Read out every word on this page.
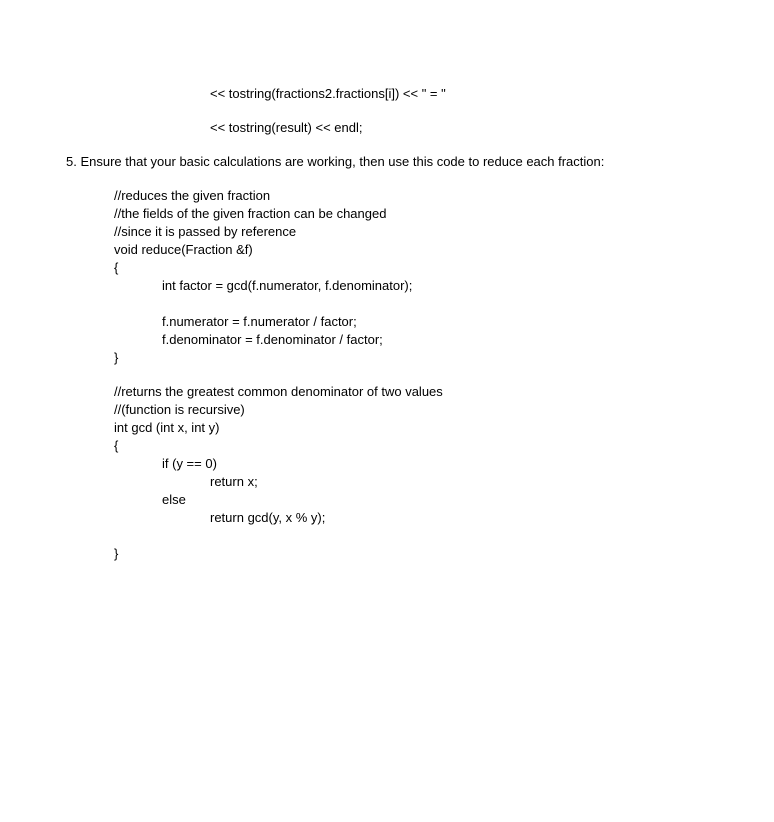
<< tostring(fractions2.fractions[i]) << " = "
<< tostring(result) << endl;
5. Ensure that your basic calculations are working, then use this code to reduce each fraction:
//reduces the given fraction
//the fields of the given fraction can be changed
//since it is passed by reference
void reduce(Fraction &f)
{
int factor = gcd(f.numerator, f.denominator);
f.numerator = f.numerator / factor;
f.denominator = f.denominator / factor;
}
//returns the greatest common denominator of two values
//(function is recursive)
int gcd (int x, int y)
{
if (y == 0)
return x;
else
return gcd(y, x % y);
}
